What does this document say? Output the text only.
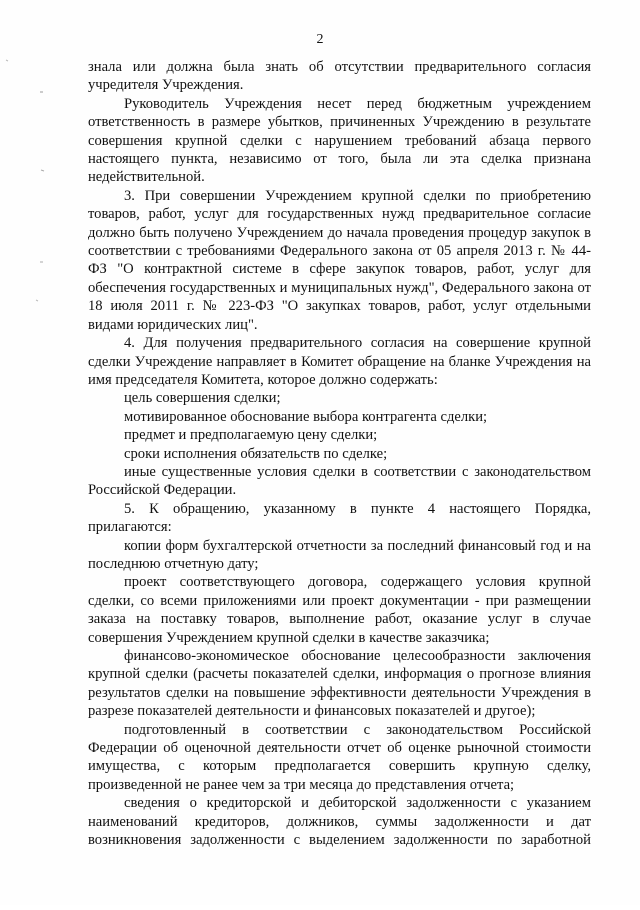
2

знала или должна была знать об отсутствии предварительного согласия учредителя Учреждения.

Руководитель Учреждения несет перед бюджетным учреждением ответственность в размере убытков, причиненных Учреждению в результате совершения крупной сделки с нарушением требований абзаца первого настоящего пункта, независимо от того, была ли эта сделка признана недействительной.

3. При совершении Учреждением крупной сделки по приобретению товаров, работ, услуг для государственных нужд предварительное согласие должно быть получено Учреждением до начала проведения процедур закупок в соответствии с требованиями Федерального закона от 05 апреля 2013 г. № 44-ФЗ "О контрактной системе в сфере закупок товаров, работ, услуг для обеспечения государственных и муниципальных нужд", Федерального закона от 18 июля 2011 г. № 223-ФЗ "О закупках товаров, работ, услуг отдельными видами юридических лиц".

4. Для получения предварительного согласия на совершение крупной сделки Учреждение направляет в Комитет обращение на бланке Учреждения на имя председателя Комитета, которое должно содержать:

цель совершения сделки;

мотивированное обоснование выбора контрагента сделки;

предмет и предполагаемую цену сделки;

сроки исполнения обязательств по сделке;

иные существенные условия сделки в соответствии с законодательством Российской Федерации.

5. К обращению, указанному в пункте 4 настоящего Порядка, прилагаются:

копии форм бухгалтерской отчетности за последний финансовый год и на последнюю отчетную дату;

проект соответствующего договора, содержащего условия крупной сделки, со всеми приложениями или проект документации - при размещении заказа на поставку товаров, выполнение работ, оказание услуг в случае совершения Учреждением крупной сделки в качестве заказчика;

финансово-экономическое обоснование целесообразности заключения крупной сделки (расчеты показателей сделки, информация о прогнозе влияния результатов сделки на повышение эффективности деятельности Учреждения в разрезе показателей деятельности и финансовых показателей и другое);

подготовленный в соответствии с законодательством Российской Федерации об оценочной деятельности отчет об оценке рыночной стоимости имущества, с которым предполагается совершить крупную сделку, произведенной не ранее чем за три месяца до представления отчета;

сведения о кредиторской и дебиторской задолженности с указанием наименований кредиторов, должников, суммы задолженности и дат возникновения задолженности с выделением задолженности по заработной
